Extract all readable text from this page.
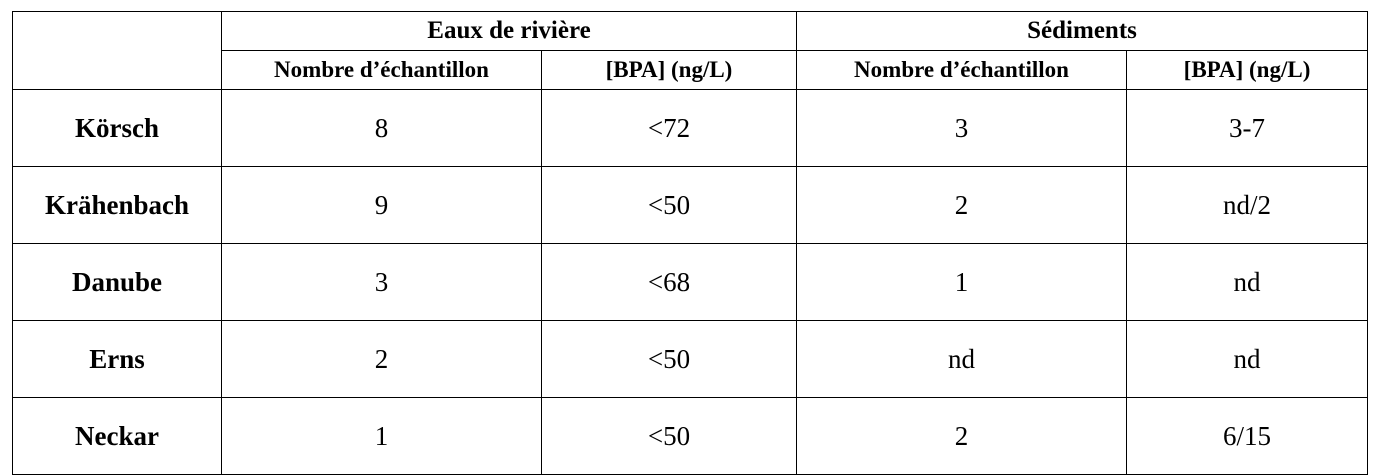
	Eaux de rivière		Sédiments	
	Nombre d’échantillon	[BPA] (ng/L)	Nombre d’échantillon	[BPA] (ng/L)
Körsch	8	<72	3	3-7
Krähenbach	9	<50	2	nd/2
Danube	3	<68	1	nd
Erns	2	<50	nd	nd
Neckar	1	<50	2	6/15
